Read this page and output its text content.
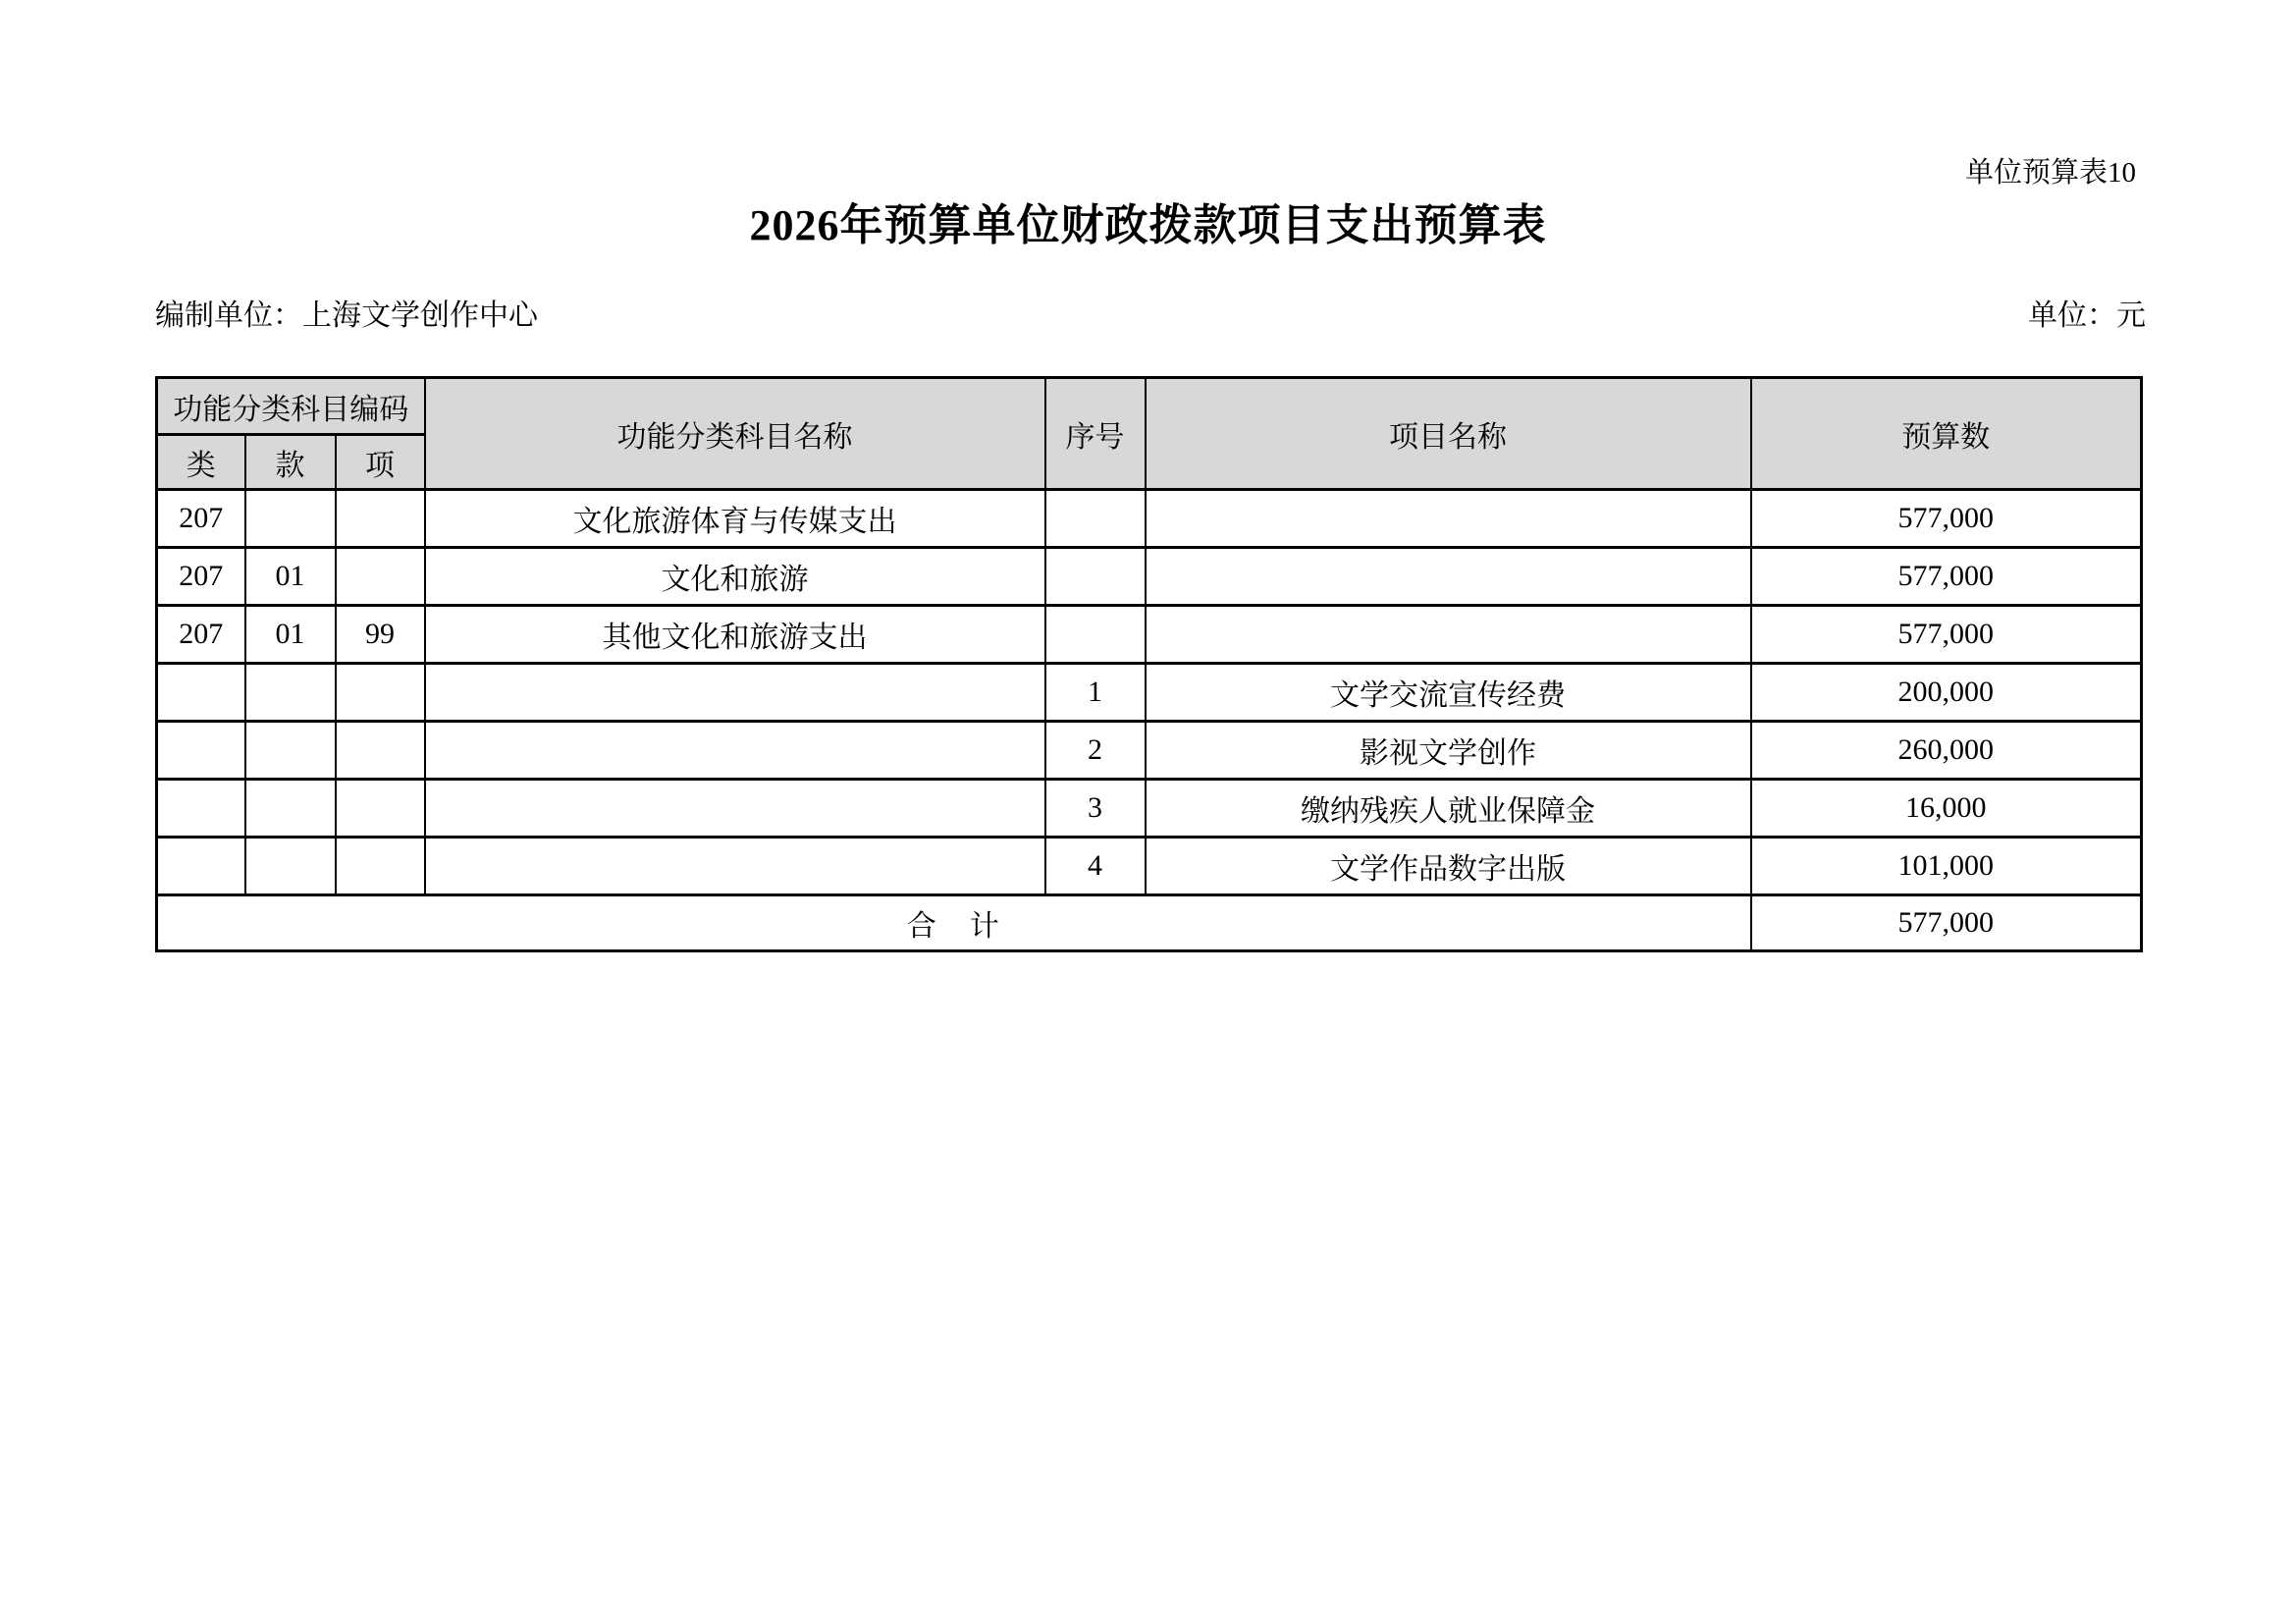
单位预算表10
2026年预算单位财政拨款项目支出预算表
编制单位：上海文学创作中心	单位：元
功能分类科目编码			功能分类科目名称	序号	项目名称	预算数
类	款	项				
207			文化旅游体育与传媒支出			577,000
207	01		文化和旅游			577,000
207	01	99	其他文化和旅游支出			577,000
				1	文学交流宣传经费	200,000
				2	影视文学创作	260,000
				3	缴纳残疾人就业保障金	16,000
				4	文学作品数字出版	101,000
合　计						577,000
